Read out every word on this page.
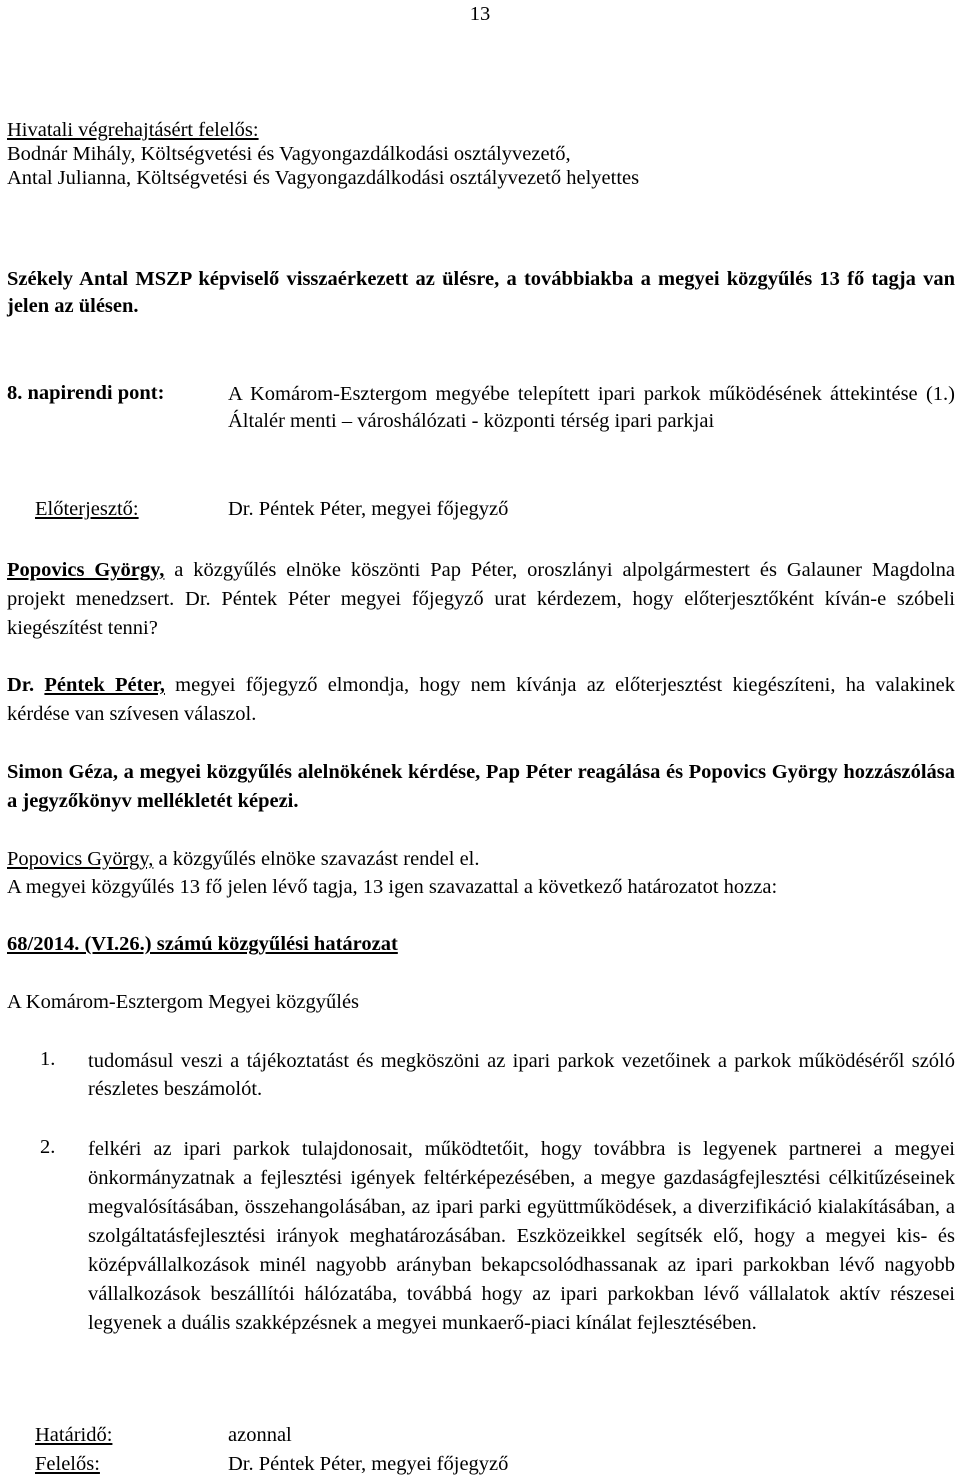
13
Hivatali végrehajtásért felelős:
Bodnár Mihály, Költségvetési és Vagyongazdálkodási osztályvezető,
Antal Julianna, Költségvetési és Vagyongazdálkodási osztályvezető helyettes
Székely Antal MSZP képviselő visszaérkezett az ülésre, a továbbiakba a megyei közgyűlés 13 fő tagja van jelen az ülésen.
8. napirendi pont:	A Komárom-Esztergom megyébe telepített ipari parkok működésének áttekintése (1.) Általér menti – városhálózati - központi térség ipari parkjai
Előterjesztő:	Dr. Péntek Péter, megyei főjegyző
Popovics György, a közgyűlés elnöke köszönti Pap Péter, oroszlányi alpolgármestert és Galauner Magdolna projekt menedzsert. Dr. Péntek Péter megyei főjegyző urat kérdezem, hogy előterjesztőként kíván-e szóbeli kiegészítést tenni?
Dr. Péntek Péter, megyei főjegyző elmondja, hogy nem kívánja az előterjesztést kiegészíteni, ha valakinek kérdése van szívesen válaszol.
Simon Géza, a megyei közgyűlés alelnökének kérdése, Pap Péter reagálása és Popovics György hozzászólása a jegyzőkönyv mellékletét képezi.
Popovics György, a közgyűlés elnöke szavazást rendel el.
A megyei közgyűlés 13 fő jelen lévő tagja, 13 igen szavazattal a következő határozatot hozza:
68/2014. (VI.26.) számú közgyűlési határozat
A Komárom-Esztergom Megyei közgyűlés
1. tudomásul veszi a tájékoztatást és megköszöni az ipari parkok vezetőinek a parkok működéséről szóló részletes beszámolót.
2. felkéri az ipari parkok tulajdonosait, működtetőit, hogy továbbra is legyenek partnerei a megyei önkormányzatnak a fejlesztési igények feltérképezésében, a megye gazdaságfejlesztési célkitűzéseinek megvalósításában, összehangolásában, az ipari parki együttműködések, a diverzifikáció kialakításában, a szolgáltatásfejlesztési irányok meghatározásában. Eszközeikkel segítsék elő, hogy a megyei kis- és középvállalkozások minél nagyobb arányban bekapcsolódhassanak az ipari parkokban lévő nagyobb vállalkozások beszállítói hálózatába, továbbá hogy az ipari parkokban lévő vállalatok aktív részesei legyenek a duális szakképzésnek a megyei munkaerő-piaci kínálat fejlesztésében.
Határidő:	azonnal
Felelős:	Dr. Péntek Péter, megyei főjegyző
